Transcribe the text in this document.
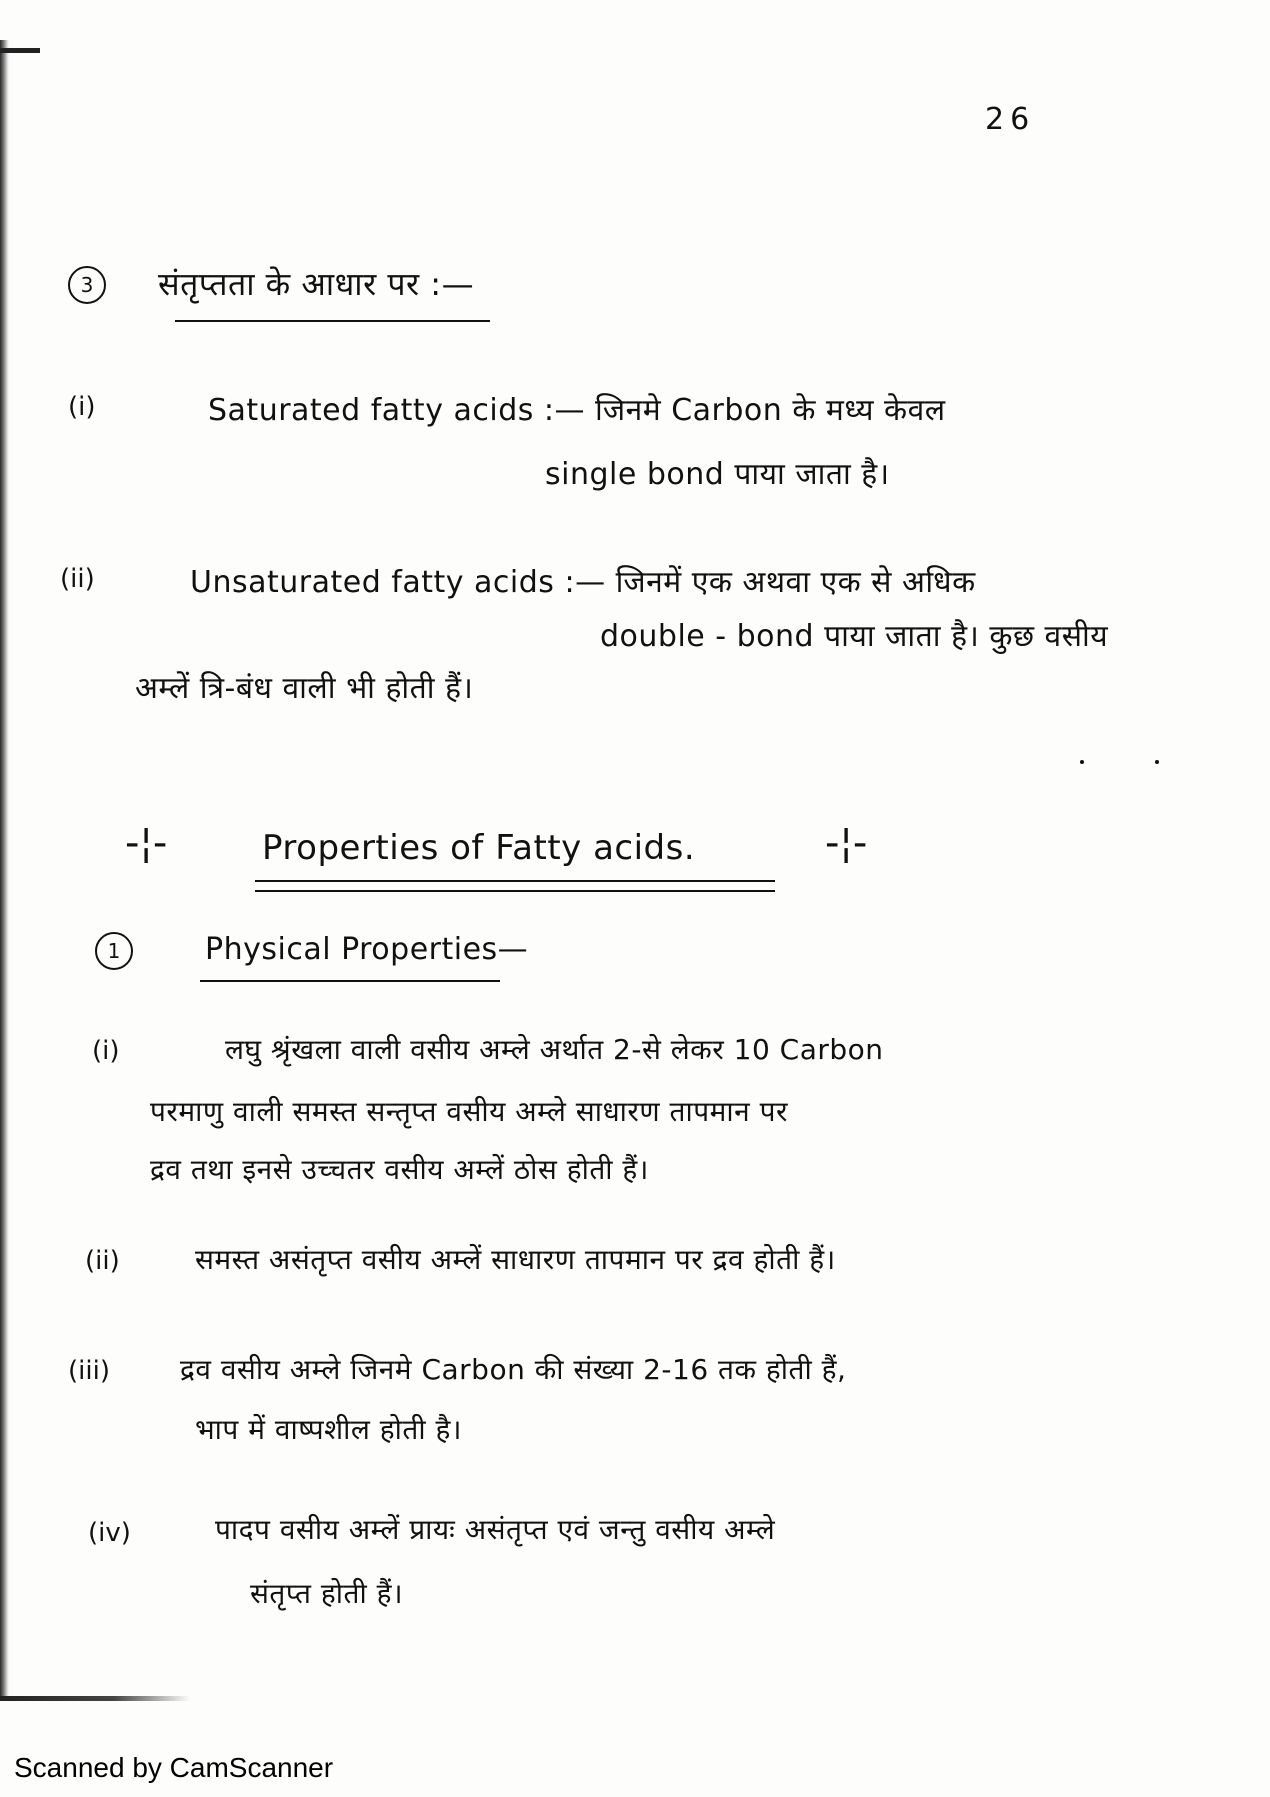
26
3	संतृप्तता के आधार पर :—
(i)	Saturated fatty acids :— जिनमे Carbon के मध्य केवल
single bond पाया जाता है।
(ii)	Unsaturated fatty acids :— जिनमें एक अथवा एक से अधिक
double - bond पाया जाता है। कुछ वसीय
अम्लें त्रि-बंध वाली भी होती हैं।
-¦-	Properties of Fatty acids.	-¦-
1	Physical Properties—
(i)	लघु श्रृंखला वाली वसीय अम्ले अर्थात 2-से लेकर 10 Carbon
परमाणु वाली समस्त सन्तृप्त वसीय अम्ले साधारण तापमान पर
द्रव तथा इनसे उच्चतर वसीय अम्लें ठोस होती हैं।
(ii)	समस्त असंतृप्त वसीय अम्लें साधारण तापमान पर द्रव होती हैं।
(iii)	द्रव वसीय अम्ले जिनमे Carbon की संख्या 2-16 तक होती हैं,
भाप में वाष्पशील होती है।
(iv)	पादप वसीय अम्लें प्रायः असंतृप्त एवं जन्तु वसीय अम्ले
संतृप्त होती हैं।
Scanned by CamScanner
